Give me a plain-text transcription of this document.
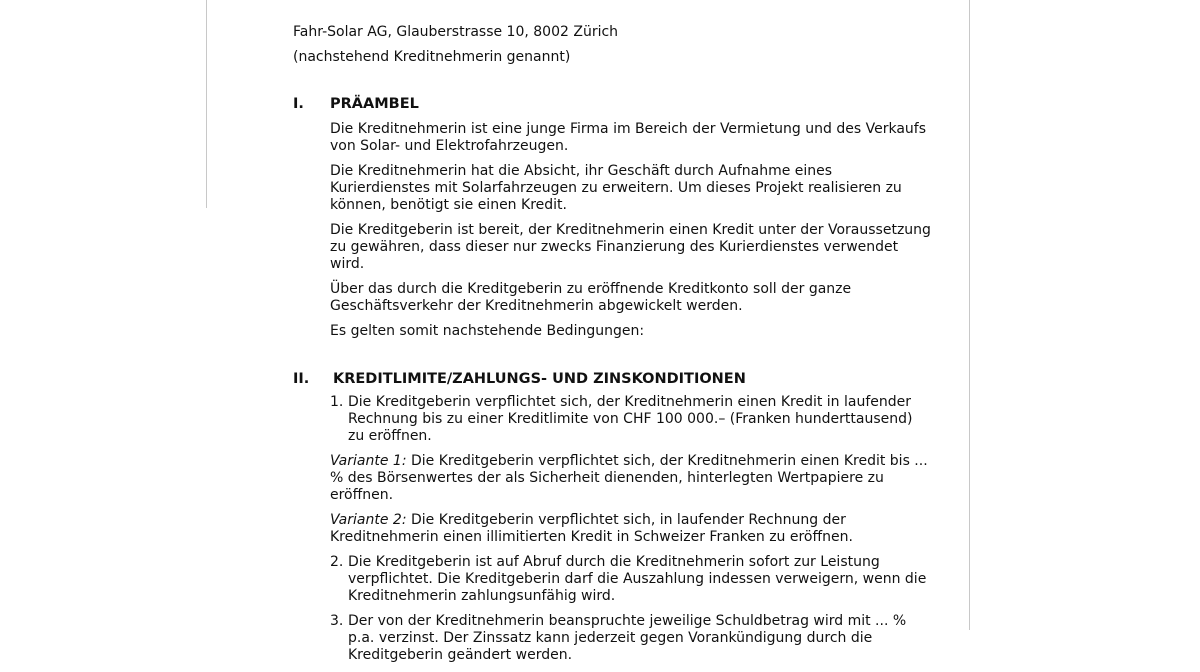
Fahr-Solar AG, Glauberstrasse 10, 8002 Zürich

(nachstehend Kreditnehmerin genannt)

I.	PRÄAMBEL

Die Kreditnehmerin ist eine junge Firma im Bereich der Vermietung und des Verkaufs von Solar- und Elektrofahrzeugen.

Die Kreditnehmerin hat die Absicht, ihr Geschäft durch Aufnahme eines Kurierdienstes mit Solarfahrzeugen zu erweitern. Um dieses Projekt realisieren zu können, benötigt sie einen Kredit.

Die Kreditgeberin ist bereit, der Kreditnehmerin einen Kredit unter der Voraussetzung zu gewähren, dass dieser nur zwecks Finanzierung des Kurierdienstes verwendet wird.

Über das durch die Kreditgeberin zu eröffnende Kreditkonto soll der ganze Geschäftsverkehr der Kreditnehmerin abgewickelt werden.

Es gelten somit nachstehende Bedingungen:

II.	KREDITLIMITE/ZAHLUNGS- UND ZINSKONDITIONEN
1. Die Kreditgeberin verpflichtet sich, der Kreditnehmerin einen Kredit in laufender Rechnung bis zu einer Kreditlimite von CHF 100 000.– (Franken hunderttausend) zu eröffnen.

Variante 1: Die Kreditgeberin verpflichtet sich, der Kreditnehmerin einen Kredit bis ... % des Börsenwertes der als Sicherheit dienenden, hinterlegten Wertpapiere zu eröffnen.

Variante 2: Die Kreditgeberin verpflichtet sich, in laufender Rechnung der Kreditnehmerin einen illimitierten Kredit in Schweizer Franken zu eröffnen.

2. Die Kreditgeberin ist auf Abruf durch die Kreditnehmerin sofort zur Leistung verpflichtet. Die Kreditgeberin darf die Auszahlung indessen verweigern, wenn die Kreditnehmerin zahlungsunfähig wird.
3. Der von der Kreditnehmerin beanspruchte jeweilige Schuldbetrag wird mit ... % p.a. verzinst. Der Zinssatz kann jederzeit gegen Vorankündigung durch die Kreditgeberin geändert werden.
